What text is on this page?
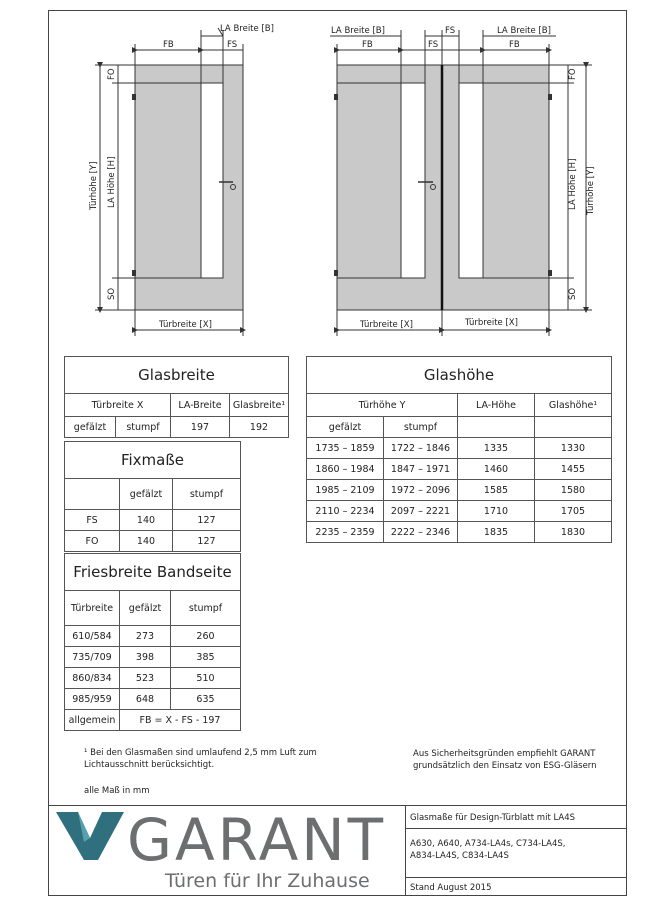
FB	FS
LA Breite [B]
Türhöhe [Y] LA Höhe [H]
FO
SO
Türbreite [X]
LA Breite [B]	FS	LA Breite [B]
FB	FS	FB
FO
LA Höhe [H]
SO
Türhöhe [Y]
Türbreite [X]	Türbreite [X]
Glasbreite			
Türbreite X		LA-Breite	Glasbreite¹
gefälzt	stumpf	197	192
Fixmaße		
	gefälzt	stumpf
FS	140	127
FO	140	127
Friesbreite Bandseite		
Türbreite	gefälzt	stumpf
610/584	273	260
735/709	398	385
860/834	523	510
985/959	648	635
allgemein	FB = X - FS - 197	
Glashöhe			
Türhöhe Y		LA-Höhe	Glashöhe¹
gefälzt	stumpf		
1735 – 1859	1722 – 1846	1335	1330
1860 – 1984	1847 – 1971	1460	1455
1985 – 2109	1972 – 2096	1585	1580
2110 – 2234	2097 – 2221	1710	1705
2235 – 2359	2222 – 2346	1835	1830
¹ Bei den Glasmaßen sind umlaufend 2,5 mm Luft zum
Lichtausschnitt berücksichtigt.
alle Maß in mm
Aus Sicherheitsgründen empfiehlt GARANT
grundsätzlich den Einsatz von ESG-Gläsern
GARANT
Türen für Ihr Zuhause
Glasmaße für Design-Türblatt mit LA4S
A630, A640, A734-LA4s, C734-LA4S,
A834-LA4S, C834-LA4S
Stand August 2015
